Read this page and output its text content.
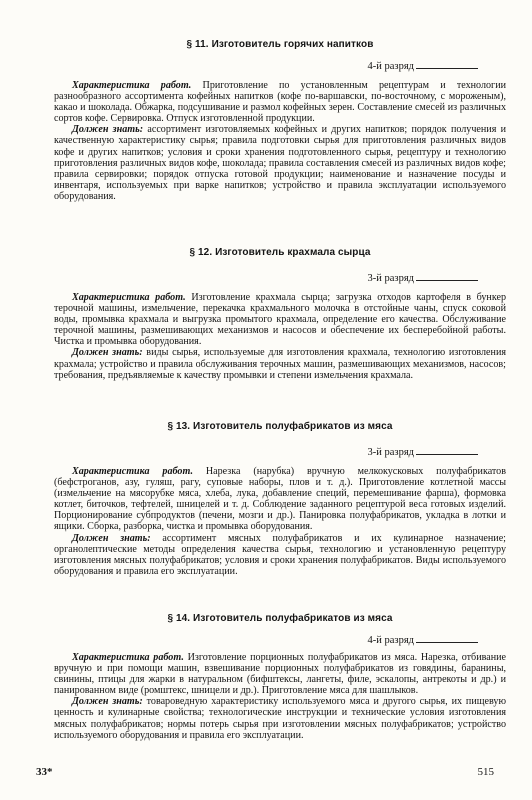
§ 11. Изготовитель горячих напитков
4-й разряд

Характеристика работ. Приготовление по установленным рецептурам и технологии разнообразного ассортимента кофейных напитков (кофе по-варшавски, по-восточному, с мороженым), какао и шоколада. Обжарка, подсушивание и размол кофейных зерен. Составление смесей из различных сортов кофе. Сервировка. Отпуск изготовленной продукции.

Должен знать: ассортимент изготовляемых кофейных и других напитков; порядок получения и качественную характеристику сырья; правила подготовки сырья для приготовления различных видов кофе и других напитков; условия и сроки хранения подготовленного сырья, рецептуру и технологию приготовления различных видов кофе, шоколада; правила составления смесей из различных видов кофе; правила сервировки; порядок отпуска готовой продукции; наименование и назначение посуды и инвентаря, используемых при варке напитков; устройство и правила эксплуатации используемого оборудования.

§ 12. Изготовитель крахмала сырца
3-й разряд

Характеристика работ. Изготовление крахмала сырца; загрузка отходов картофеля в бункер терочной машины, измельчение, перекачка крахмального молочка в отстойные чаны, спуск соковой воды, промывка крахмала и выгрузка промытого крахмала, определение его качества. Обслуживание терочной машины, размешивающих механизмов и насосов и обеспечение их бесперебойной работы. Чистка и промывка оборудования.

Должен знать: виды сырья, используемые для изготовления крахмала, технологию изготовления крахмала; устройство и правила обслуживания терочных машин, размешивающих механизмов, насосов; требования, предъявляемые к качеству промывки и степени измельчения крахмала.

§ 13. Изготовитель полуфабрикатов из мяса
3-й разряд

Характеристика работ. Нарезка (нарубка) вручную мелкокусковых полуфабрикатов (бефстроганов, азу, гуляш, рагу, суповые наборы, плов и т. д.). Приготовление котлетной массы (измельчение на мясорубке мяса, хлеба, лука, добавление специй, перемешивание фарша), формовка котлет, биточков, тефтелей, шницелей и т. д. Соблюдение заданного рецептурой веса готовых изделий. Порционирование субпродуктов (печени, мозги и др.). Панировка полуфабрикатов, укладка в лотки и ящики. Сборка, разборка, чистка и промывка оборудования.

Должен знать: ассортимент мясных полуфабрикатов и их кулинарное назначение; органолептические методы определения качества сырья, технологию и установленную рецептуру изготовления мясных полуфабрикатов; условия и сроки хранения полуфабрикатов. Виды используемого оборудования и правила его эксплуатации.

§ 14. Изготовитель полуфабрикатов из мяса
4-й разряд

Характеристика работ. Изготовление порционных полуфабрикатов из мяса. Нарезка, отбивание вручную и при помощи машин, взвешивание порционных полуфабрикатов из говядины, баранины, свинины, птицы для жарки в натуральном (бифштексы, лангеты, филе, эскалопы, антрекоты и др.) и панированном виде (ромштекс, шницели и др.). Приготовление мяса для шашлыков.

Должен знать: товароведную характеристику используемого мяса и другого сырья, их пищевую ценность и кулинарные свойства; технологические инструкции и технические условия изготовления мясных полуфабрикатов; нормы потерь сырья при изготовлении мясных полуфабрикатов; устройство используемого оборудования и правила его эксплуатации.

33*	515
